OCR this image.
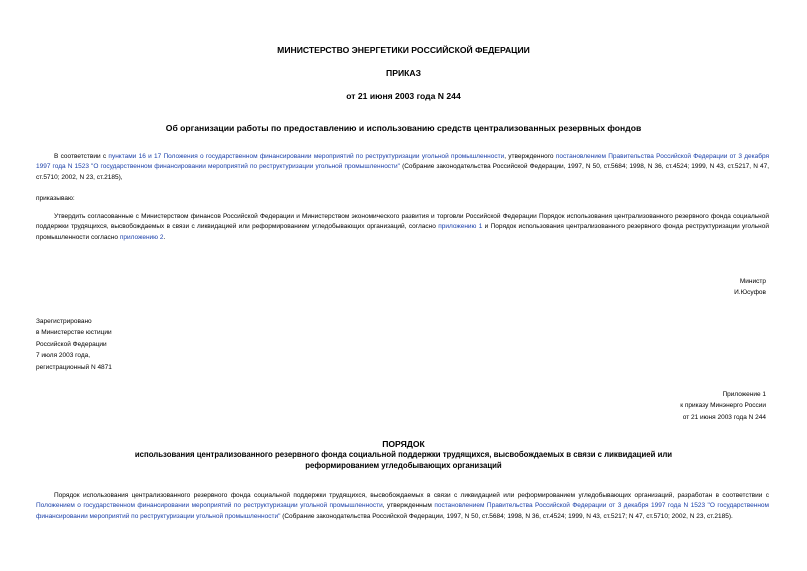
МИНИСТЕРСТВО ЭНЕРГЕТИКИ РОССИЙСКОЙ ФЕДЕРАЦИИ
ПРИКАЗ
от 21 июня 2003 года N 244
Об организации работы по предоставлению и использованию средств централизованных резервных фондов
В соответствии с пунктами 16 и 17 Положения о государственном финансировании мероприятий по реструктуризации угольной промышленности, утвержденного постановлением Правительства Российской Федерации от 3 декабря 1997 года N 1523 "О государственном финансировании мероприятий по реструктуризации угольной промышленности" (Собрание законодательства Российской Федерации, 1997, N 50, ст.5684; 1998, N 36, ст.4524; 1999, N 43, ст.5217, N 47, ст.5710; 2002, N 23, ст.2185),
приказываю:
Утвердить согласованные с Министерством финансов Российской Федерации и Министерством экономического развития и торговли Российской Федерации Порядок использования централизованного резервного фонда социальной поддержки трудящихся, высвобождаемых в связи с ликвидацией или реформированием угледобывающих организаций, согласно приложению 1 и Порядок использования централизованного резервного фонда реструктуризации угольной промышленности согласно приложению 2.
Министр
И.Юсуфов
Зарегистрировано
в Министерстве юстиции
Российской Федерации
7 июля 2003 года,
регистрационный N 4871
Приложение 1
к приказу Минэнерго России
от 21 июня 2003 года N 244
ПОРЯДОК
использования централизованного резервного фонда социальной поддержки трудящихся, высвобождаемых в связи с ликвидацией или реформированием угледобывающих организаций
Порядок использования централизованного резервного фонда социальной поддержки трудящихся, высвобождаемых в связи с ликвидацией или реформированием угледобывающих организаций, разработан в соответствии с Положением о государственном финансировании мероприятий по реструктуризации угольной промышленности, утвержденным постановлением Правительства Российской Федерации от 3 декабря 1997 года N 1523 "О государственном финансировании мероприятий по реструктуризации угольной промышленности" (Собрание законодательства Российской Федерации, 1997, N 50, ст.5684; 1998, N 36, ст.4524; 1999, N 43, ст.5217; N 47, ст.5710; 2002, N 23, ст.2185).
